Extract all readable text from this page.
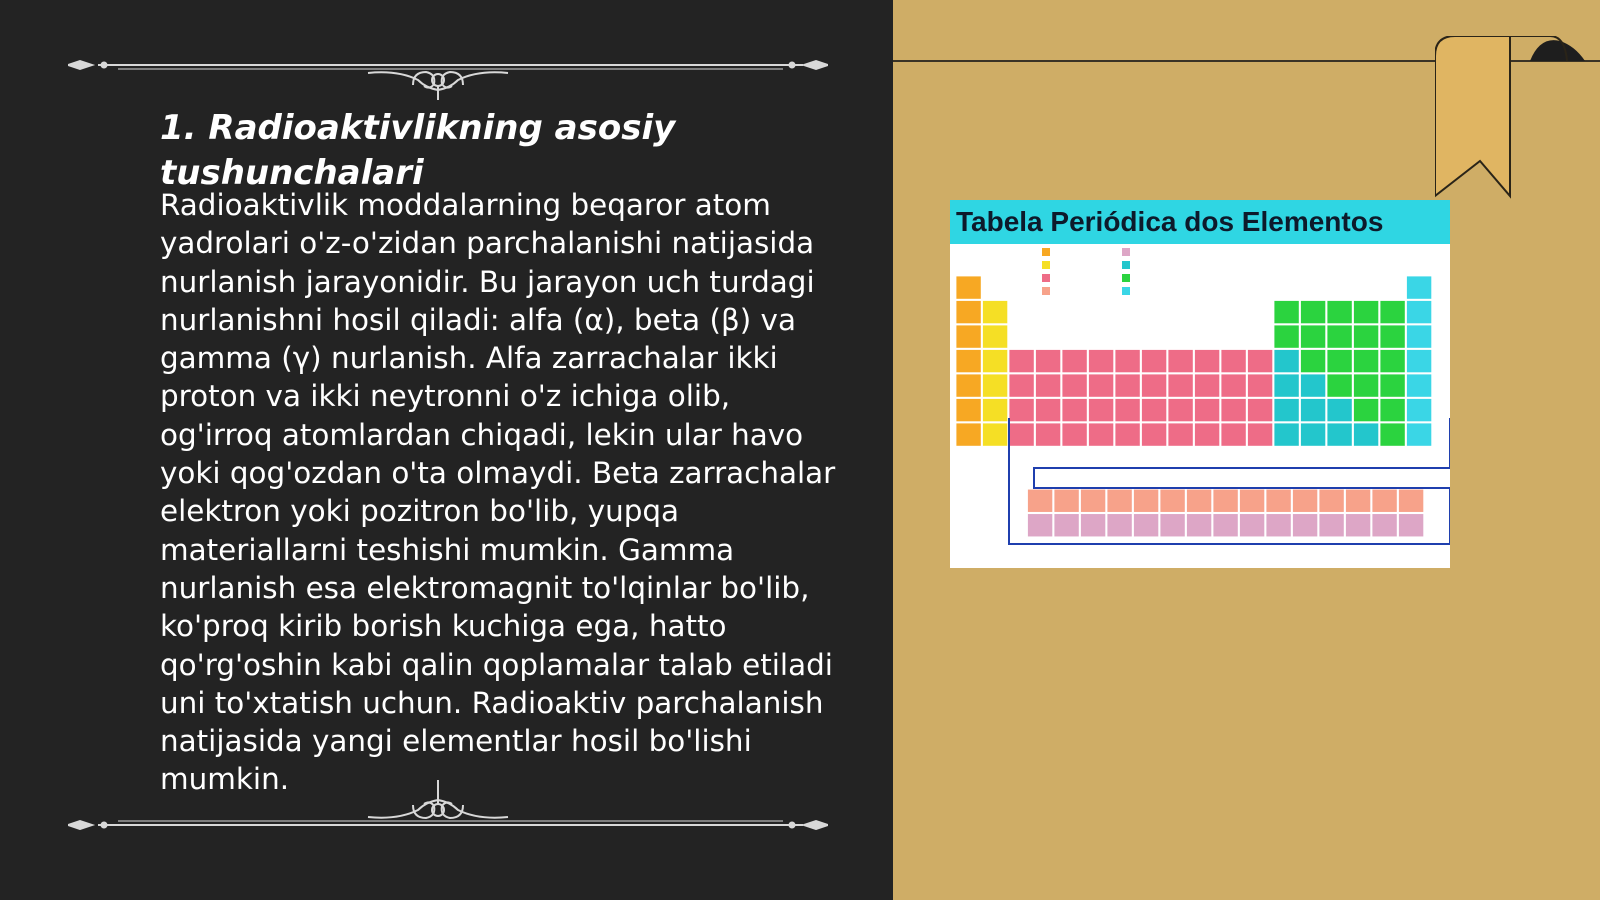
1. Radioaktivlikning asosiy tushunchalari

Radioaktivlik moddalarning beqaror atom yadrolari o'z-o'zidan parchalanishi natijasida nurlanish jarayonidir. Bu jarayon uch turdagi nurlanishni hosil qiladi: alfa (α), beta (β) va gamma (γ) nurlanish. Alfa zarrachalar ikki proton va ikki neytronni o'z ichiga olib, og'irroq atomlardan chiqadi, lekin ular havo yoki qog'ozdan o'ta olmaydi. Beta zarrachalar elektron yoki pozitron bo'lib, yupqa materiallarni teshishi mumkin. Gamma nurlanish esa elektromagnit to'lqinlar bo'lib, ko'proq kirib borish kuchiga ega, hatto qo'rg'oshin kabi qalin qoplamalar talab etiladi uni to'xtatish uchun. Radioaktiv parchalanish natijasida yangi elementlar hosil bo'lishi mumkin.

Tabela Periódica dos Elementos
